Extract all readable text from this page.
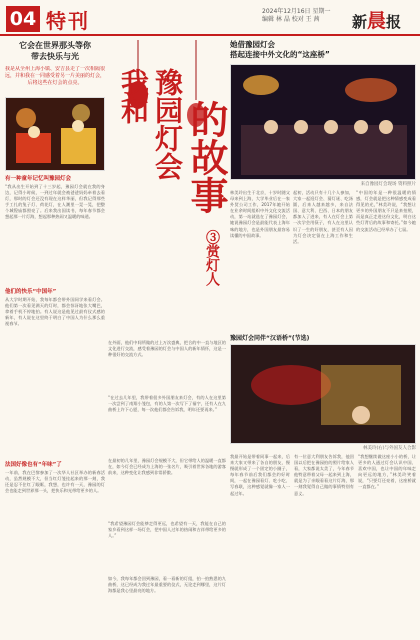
04 特刊	2024年12月16日 星期一
编辑 林 晶 校对 王 茜	新晨报
它会在世界那头等你
带去快乐与光
我是从全州上海小镇、安吉县走了一次相隔很远，并和我在一同感受着另一片美丽的灯会，后将这些在灯会的点亮。
有一种童年记忆叫豫园灯会
“我从出生开始到了十三岁起，豫园灯会就在我的身边，记得小时候，一到过年就会被爸爸妈妈牵着去看灯，那时的灯会还没有现在这样华丽，但我记得那些手工扎的兔子灯、荷花灯，在人潮里一晃一晃，把整个城隍庙都照亮了。后来我出国读书，每年春节都会想起那一片灯海，想起那种热闹又温暖的味道。
他们的快乐“中国年”
从大学时期开始，我每年都会带外国同学来看灯会。他们第一次看见满天的灯时，都会惊讶地张大嘴巴，拿着手机不停地拍。有人说这是他见过最有仪式感的新年，有人说在这里终于明白了中国人为什么那么重视春节。
法国好像也有“年味”了
一年前，我在巴黎参加了一次华人社区举办的新春活动，虽然规模不大，但当红灯笼挂起来的那一刻，我还是忍不住红了眼眶，我想，也许有一天，豫园的灯会也能走到世界那一头，把快乐和光带给更多的人。
我和 豫园灯会 的故事
③赏灯人
在外面，他们中间所做的过上万次盛典，把合的中一直与地区的文化进行交流，感受着豫园的灯会与中国人的新年情怀，这是一种很好的交流方式。
“在过去几年里，我带着很多外国朋友来灯会，有的人在这里第一次尝到了南翔小笼包，有的人第一次写下了福字，还有人在九曲桥上许下心愿，每一次他们都会告诉我，明年还要再来。”
在最初的几年里，豫园灯会规模不大，但它带给人的温暖一直都在，如今灯会已经成为上海的一张名片，吸引着世界各地的游客前来，这种变化让我感到非常骄傲。
“我希望豫园灯会能够走得更远，也希望有一天，我能在自己的家乡看到这样一场灯会，把中国人过年的热闹和吉祥带给更多的人。”
如今，我每年都会回到豫园，看一看新的灯组，拍一拍熟悉的九曲桥，这已经成为我过年最重要的仪式，无论走到哪里，这片灯海都是我心里最亮的地方。
她借豫园灯会
搭起连接中外文化的“这座桥”
来自豫园灯会现场 资料照片
林美玲出生于北京，十岁时随父母来到上海，大学毕业后在一家外贸公司工作，2017年她开始在业余时间组织中外文化交流活动，第一站就选在了豫园灯会，她说豫园灯会是最能代表上海年味的地方，也是外国朋友最容易读懂的中国故事。
起初，活动只有十几个人参加，大家一起逛灯会、猜灯谜、吃汤圆，后来人越来越多，来自法国、意大利、巴西、日本的朋友都加入了进来，有人在灯会上第一次学会用筷子，有人在这里认识了一生的好朋友，甚至有人因为灯会决定留在上海工作和生活。
“中国的年是一种很温暖的情感，灯会就是把这种情感变成看得见的光，”林美玲说，“我想让更多的外国朋友不只是来拍照，而是真正走进这份文化，明白这些灯背后的故事和寄托。”如今她的交流活动已经举办了七届。
豫园灯会同伴“汉语桥”(节选)
林美玲(右)与外国友人合影
我最开始是带着同事一起来，后来大家又带来了各自的朋友，慢慢就形成了一个固定的小圈子，每年春节前后我们都会约好时间，一起在豫园看灯、吃小吃、写春联，这种感觉就像一家人一起过年。
有一位意大利朋友告诉我，他回国以后把在豫园拍的照片给家人看，大家都说太美了，今年春节他特意带着父母一起来到上海，就是为了亲眼看看这片灯海，那一刻我觉得自己做的事情特别有意义。
“我想继续做这座小小的桥，让更多的人通过灯会认识中国、喜欢中国，也让中国的年味走向更远的地方，”林美玲笑着说，“只要灯还亮着，这座桥就一直都在。”
